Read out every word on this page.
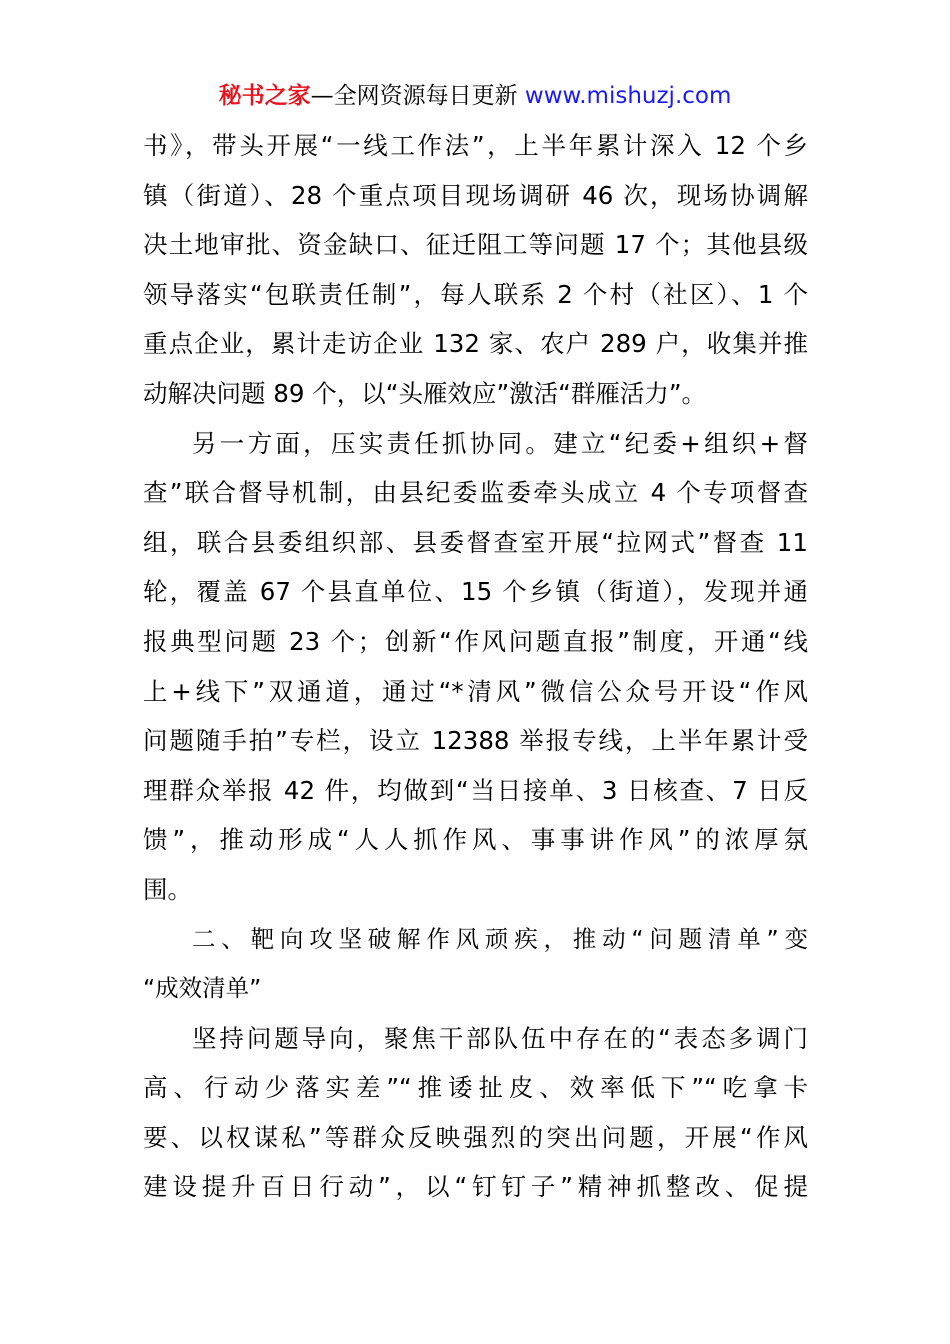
秘书之家—全网资源每日更新 www.mishuzj.com
书》，带头开展“一线工作法”，上半年累计深入 12 个乡
镇（街道）、28 个重点项目现场调研 46 次，现场协调解
决土地审批、资金缺口、征迁阻工等问题 17 个；其他县级
领导落实“包联责任制”，每人联系 2 个村（社区）、1 个
重点企业，累计走访企业 132 家、农户 289 户，收集并推
动解决问题 89 个，以“头雁效应”激活“群雁活力”。
另一方面，压实责任抓协同。建立“纪委+组织+督
查”联合督导机制，由县纪委监委牵头成立 4 个专项督查
组，联合县委组织部、县委督查室开展“拉网式”督查 11
轮，覆盖 67 个县直单位、15 个乡镇（街道），发现并通
报典型问题 23 个；创新“作风问题直报”制度，开通“线
上+线下”双通道，通过“*清风”微信公众号开设“作风
问题随手拍”专栏，设立 12388 举报专线，上半年累计受
理群众举报 42 件，均做到“当日接单、3 日核查、7 日反
馈”，推动形成“人人抓作风、事事讲作风”的浓厚氛
围。
二、靶向攻坚破解作风顽疾，推动“问题清单”变
“成效清单”
坚持问题导向，聚焦干部队伍中存在的“表态多调门
高、行动少落实差”“推诿扯皮、效率低下”“吃拿卡
要、以权谋私”等群众反映强烈的突出问题，开展“作风
建设提升百日行动”，以“钉钉子”精神抓整改、促提
